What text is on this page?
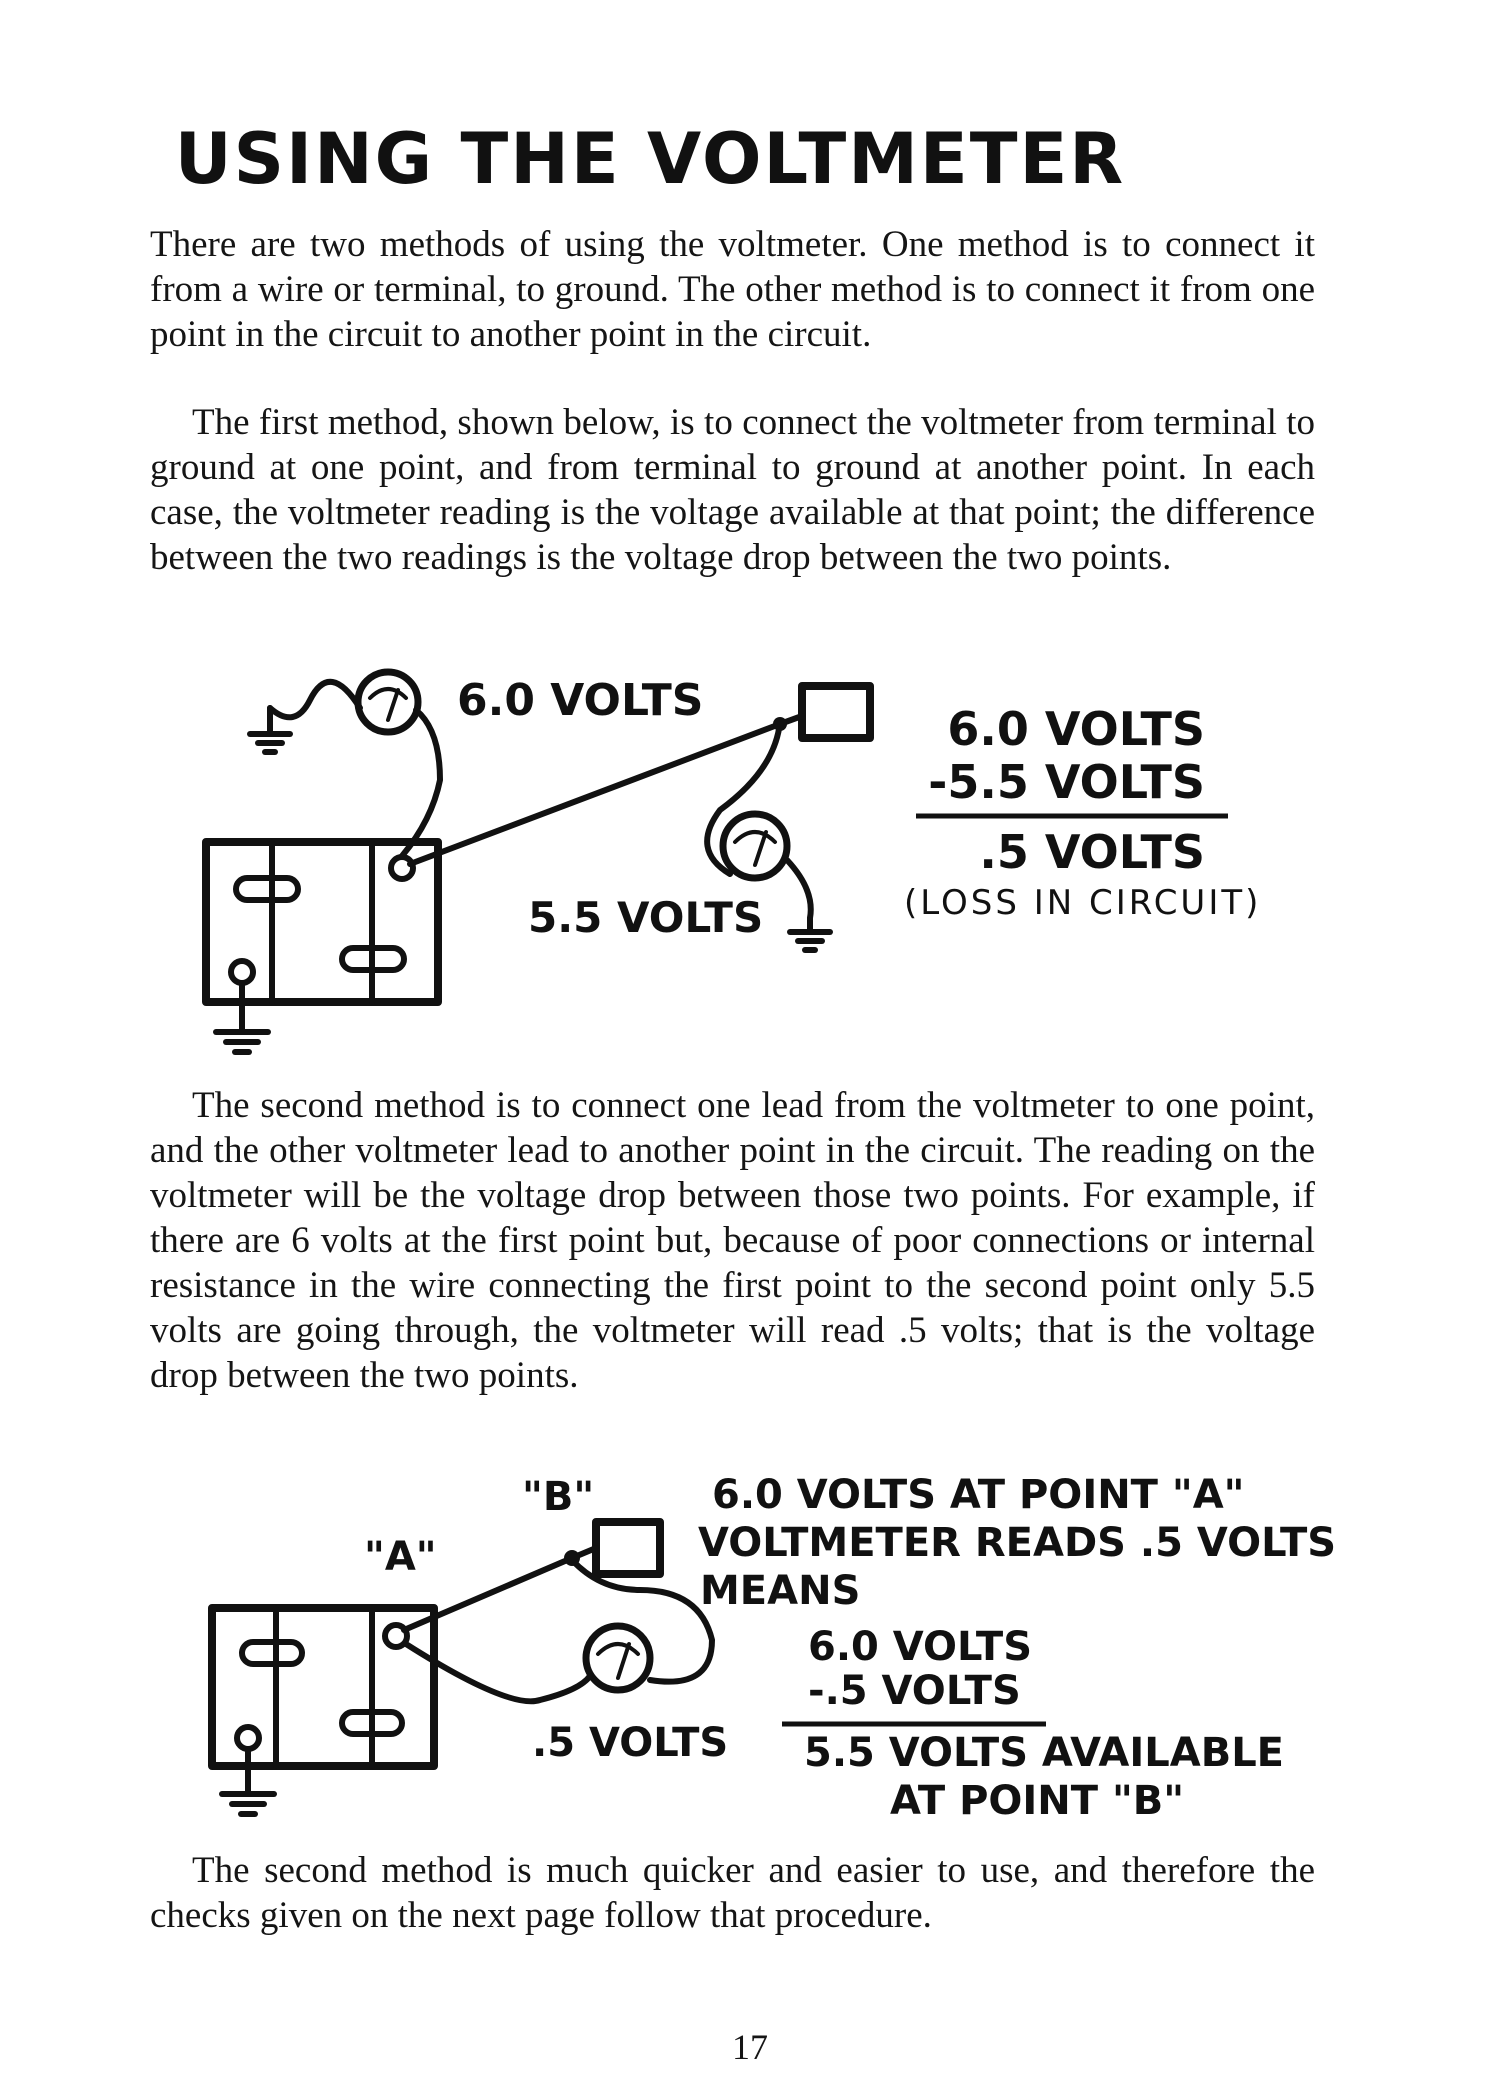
USING THE VOLTMETER

There are two methods of using the voltmeter. One method is to connect it from a wire or terminal, to ground. The other method is to connect it from one point in the circuit to another point in the circuit.

The first method, shown below, is to connect the voltmeter from terminal to ground at one point, and from terminal to ground at another point. In each case, the voltmeter reading is the voltage available at that point; the difference between the two readings is the voltage drop between the two points.

6.0 VOLTS
5.5 VOLTS
6.0 VOLTS
-5.5 VOLTS
.5 VOLTS
(LOSS IN CIRCUIT)

The second method is to connect one lead from the voltmeter to one point, and the other voltmeter lead to another point in the circuit. The reading on the voltmeter will be the voltage drop between those two points. For example, if there are 6 volts at the first point but, because of poor connections or internal resistance in the wire connecting the first point to the second point only 5.5 volts are going through, the voltmeter will read .5 volts; that is the voltage drop between the two points.

"A"
"B"
.5 VOLTS
6.0 VOLTS AT POINT "A"
VOLTMETER READS .5 VOLTS
MEANS
6.0 VOLTS
-.5 VOLTS
5.5 VOLTS AVAILABLE
AT POINT "B"

The second method is much quicker and easier to use, and therefore the checks given on the next page follow that procedure.

17
